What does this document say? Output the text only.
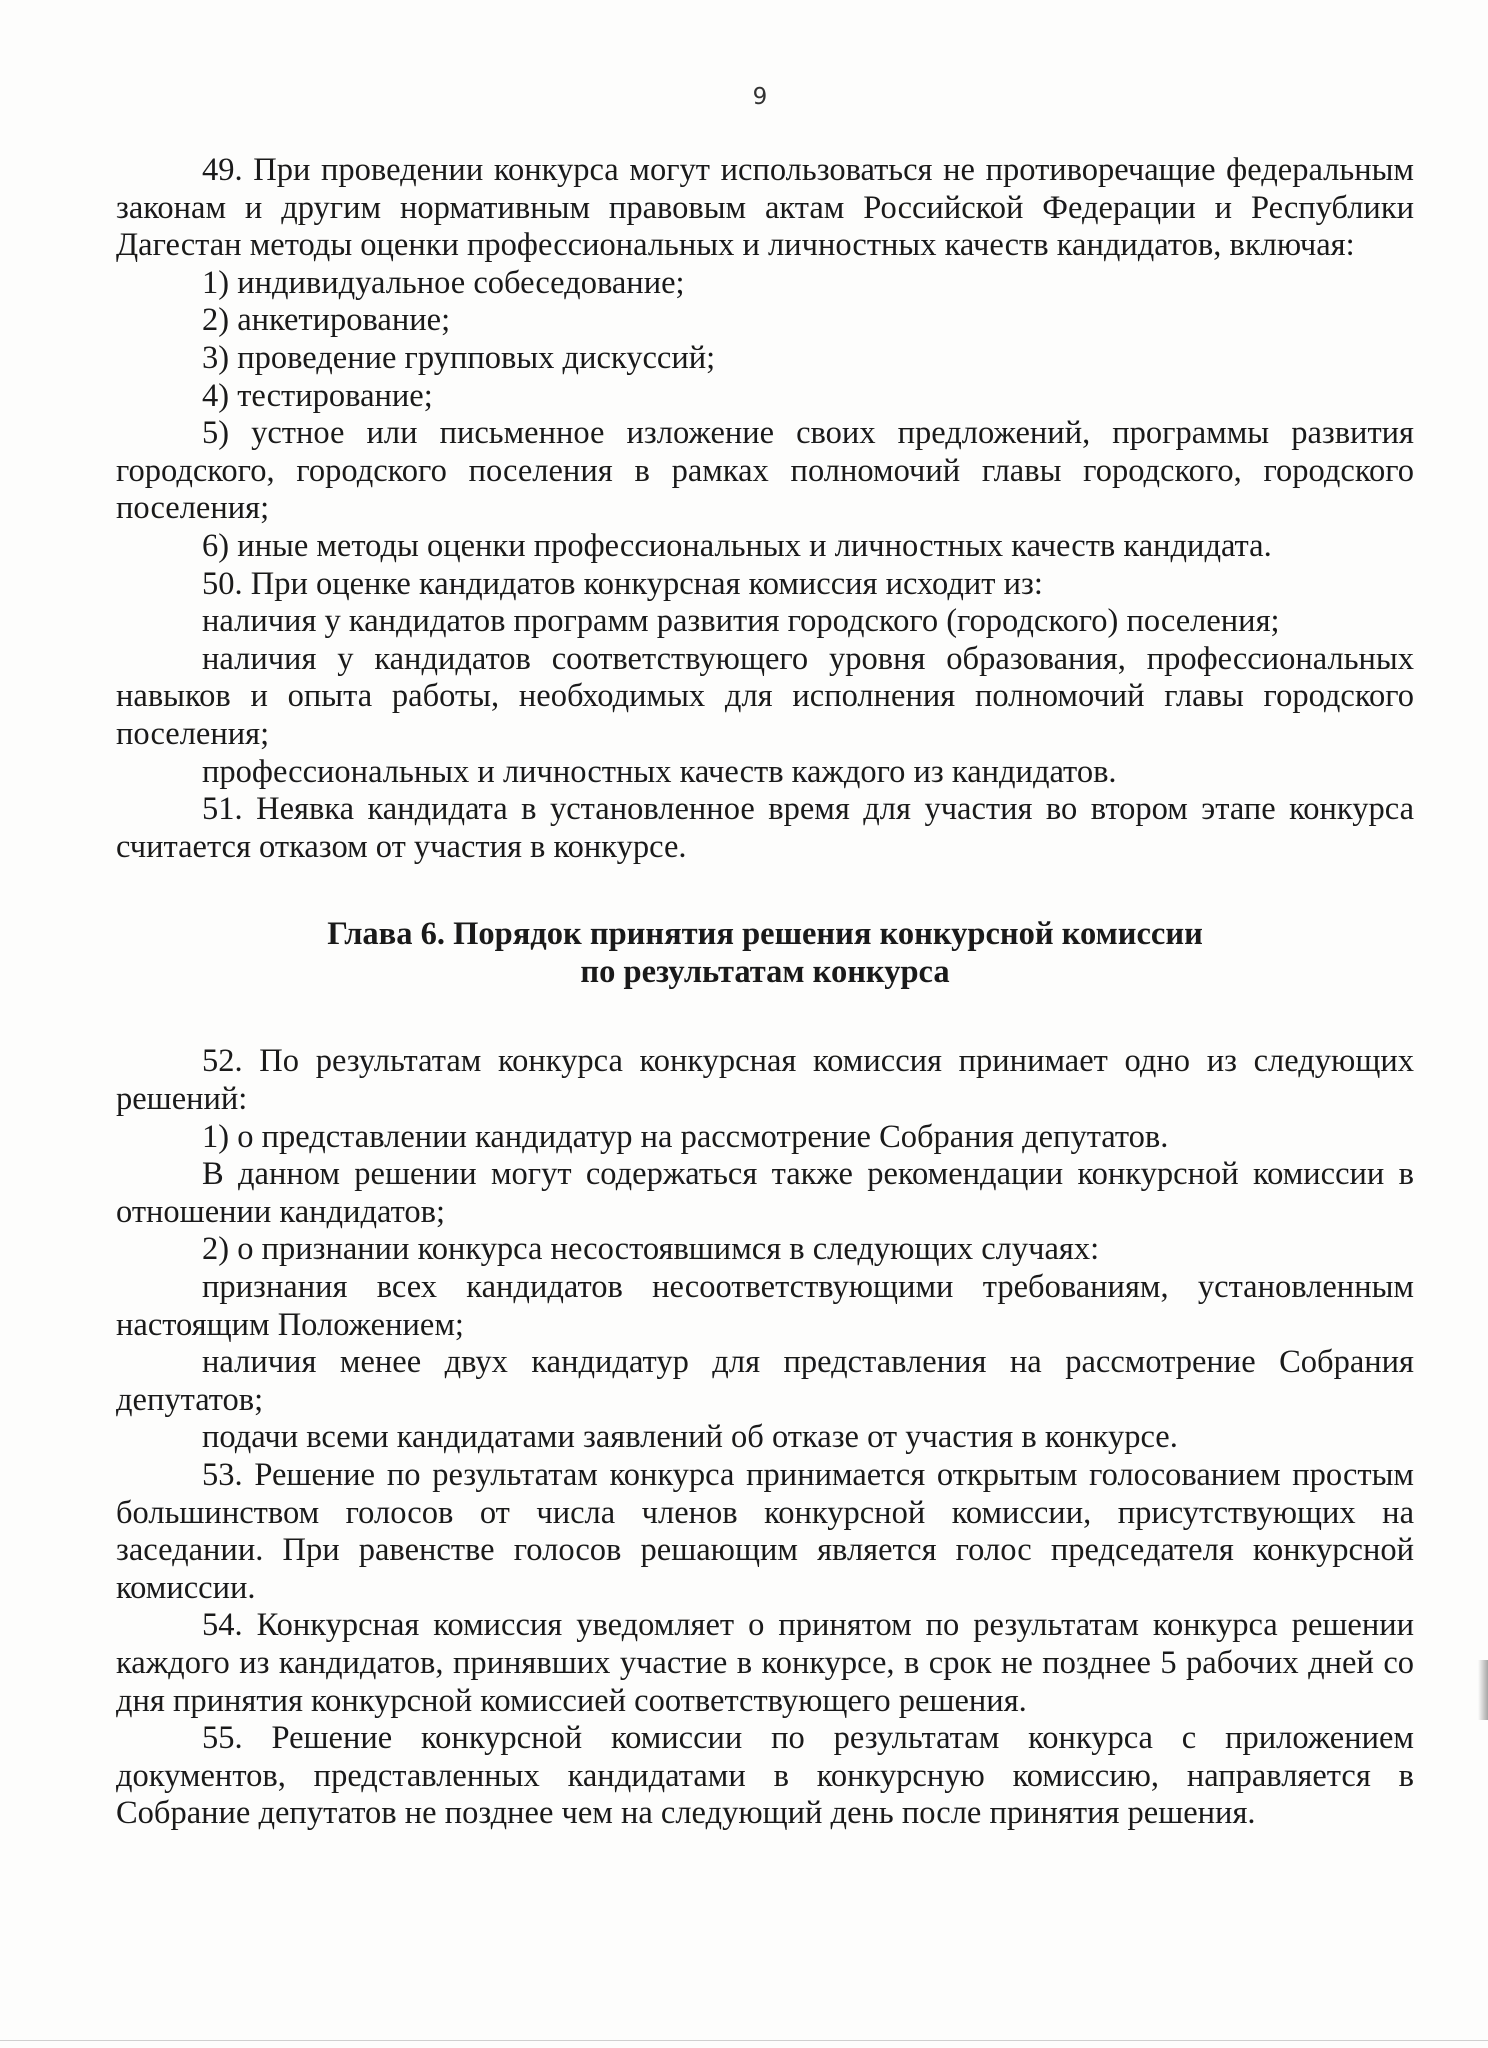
9

49. При проведении конкурса могут использоваться не противоречащие федеральным законам и другим нормативным правовым актам Российской Федерации и Республики Дагестан методы оценки профессиональных и личностных качеств кандидатов, включая:

1) индивидуальное собеседование;

2) анкетирование;

3) проведение групповых дискуссий;

4) тестирование;

5) устное или письменное изложение своих предложений, программы развития городского, городского поселения в рамках полномочий главы городского, городского поселения;

6) иные методы оценки профессиональных и личностных качеств кандидата.

50. При оценке кандидатов конкурсная комиссия исходит из:

наличия у кандидатов программ развития городского (городского) поселения;

наличия у кандидатов соответствующего уровня образования, профессиональных навыков и опыта работы, необходимых для исполнения полномочий главы городского поселения;

профессиональных и личностных качеств каждого из кандидатов.

51. Неявка кандидата в установленное время для участия во втором этапе конкурса считается отказом от участия в конкурсе.

Глава 6. Порядок принятия решения конкурсной комиссии
по результатам конкурса

52. По результатам конкурса конкурсная комиссия принимает одно из следующих решений:

1) о представлении кандидатур на рассмотрение Собрания депутатов.

В данном решении могут содержаться также рекомендации конкурсной комиссии в отношении кандидатов;

2) о признании конкурса несостоявшимся в следующих случаях:

признания всех кандидатов несоответствующими требованиям, установленным настоящим Положением;

наличия менее двух кандидатур для представления на рассмотрение Собрания депутатов;

подачи всеми кандидатами заявлений об отказе от участия в конкурсе.

53. Решение по результатам конкурса принимается открытым голосованием простым большинством голосов от числа членов конкурсной комиссии, присутствующих на заседании. При равенстве голосов решающим является голос председателя конкурсной комиссии.

54. Конкурсная комиссия уведомляет о принятом по результатам конкурса решении каждого из кандидатов, принявших участие в конкурсе, в срок не позднее 5 рабочих дней со дня принятия конкурсной комиссией соответствующего решения.

55. Решение конкурсной комиссии по результатам конкурса с приложением документов, представленных кандидатами в конкурсную комиссию, направляется в Собрание депутатов не позднее чем на следующий день после принятия решения.
